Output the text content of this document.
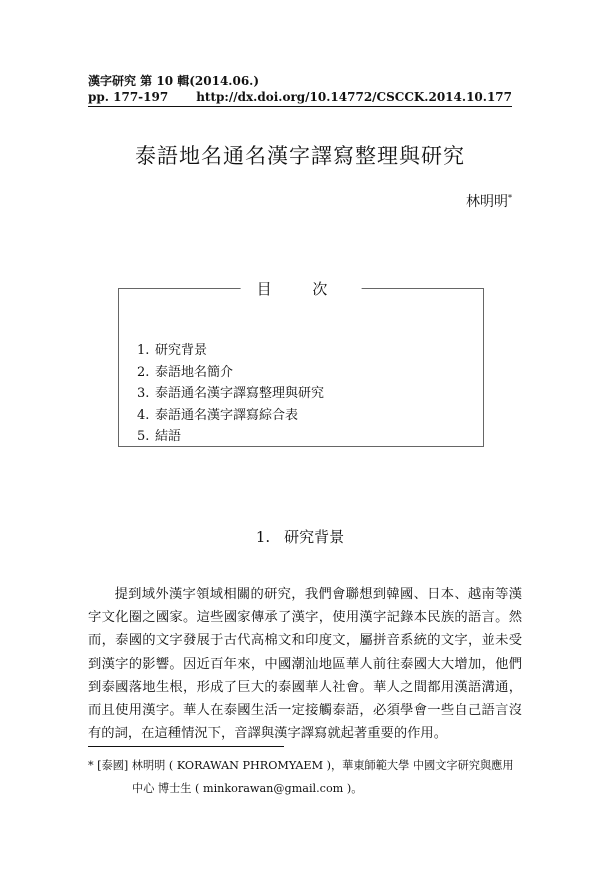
漢字研究 第 10 輯(2014.06.)
pp. 177-197 http://dx.doi.org/10.14772/CSCCK.2014.10.177
泰語地名通名漢字譯寫整理與研究
林明明*
目 次
1. 研究背景
2. 泰語地名簡介
3. 泰語通名漢字譯寫整理與研究
4. 泰語通名漢字譯寫綜合表
5. 結語
1. 研究背景

提到域外漢字領域相關的研究，我們會聯想到韓國、日本、越南等漢字文化圈之國家。這些國家傳承了漢字，使用漢字記錄本民族的語言。然而，泰國的文字發展于古代高棉文和印度文，屬拼音系統的文字，並未受到漢字的影響。因近百年來，中國潮汕地區華人前往泰國大大增加，他們到泰國落地生根，形成了巨大的泰國華人社會。華人之間都用漢語溝通，而且使用漢字。華人在泰國生活一定接觸泰語，必須學會一些自己語言沒有的詞，在這種情況下，音譯與漢字譯寫就起著重要的作用。

* [泰國] 林明明 ( KORAWAN PHROMYAEM )，華東師範大學 中國文字研究與應用
中心 博士生 ( minkorawan@gmail.com )。
